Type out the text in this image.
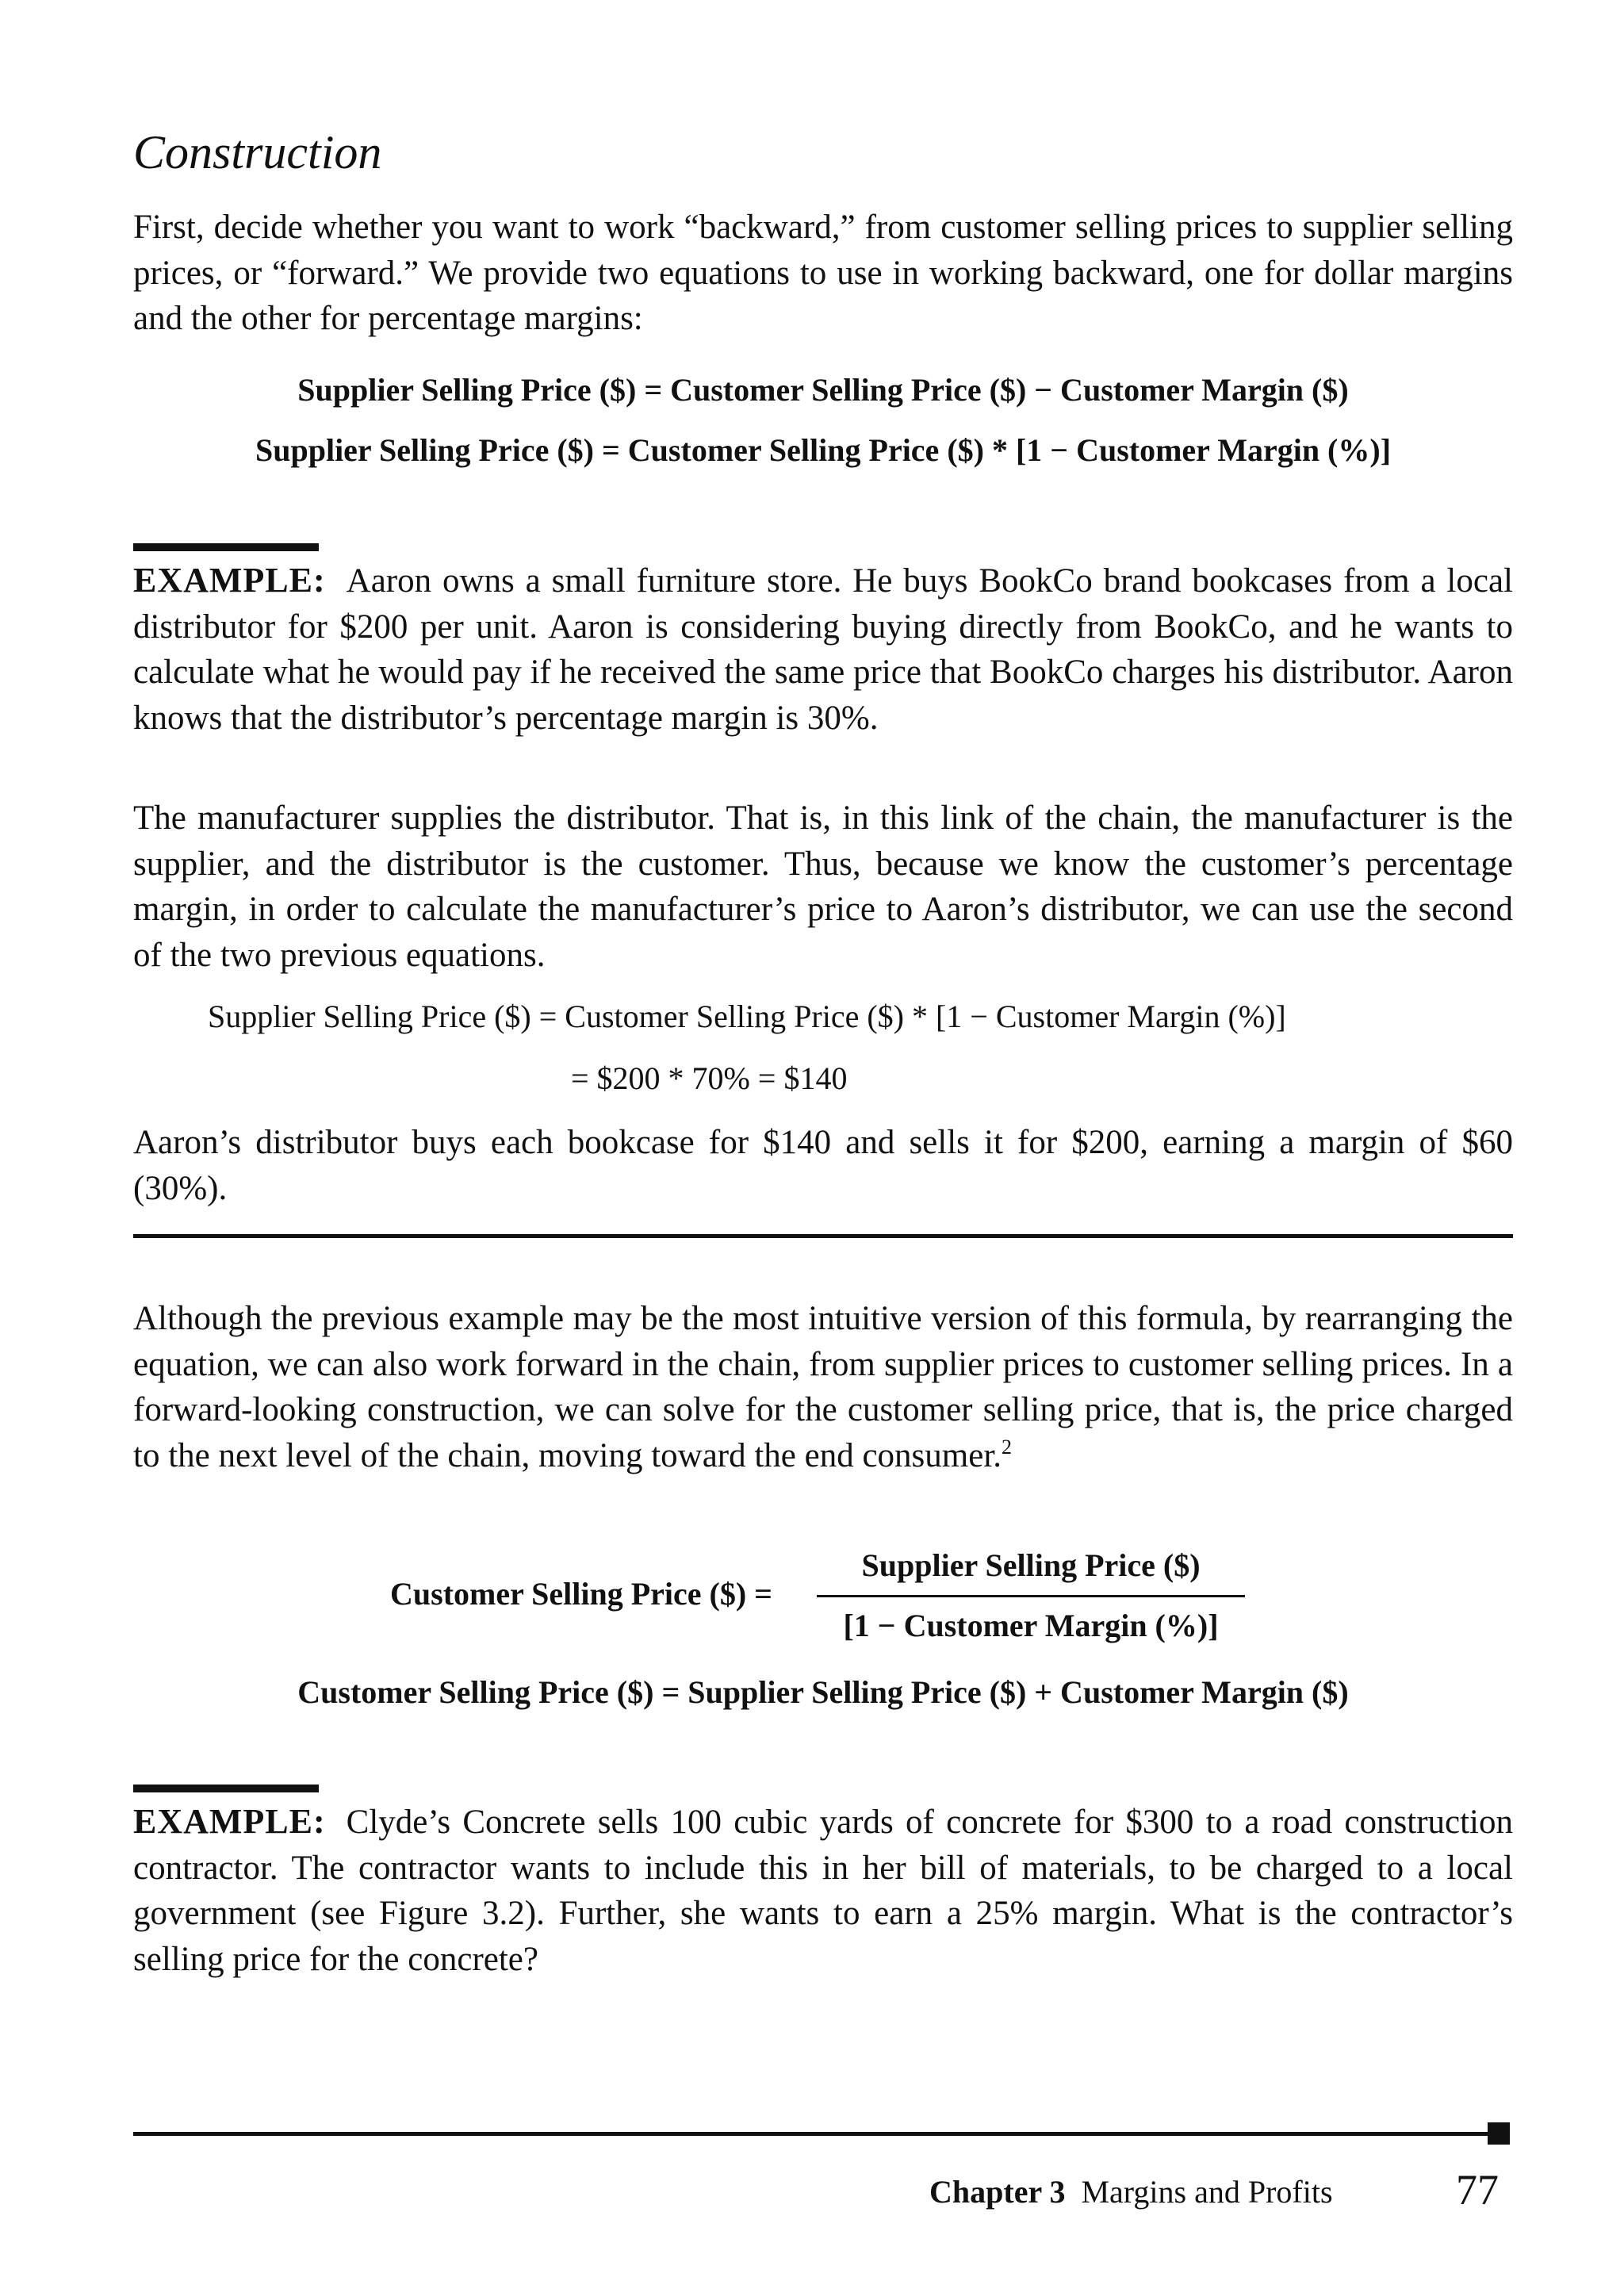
Construction
First, decide whether you want to work “backward,” from customer selling prices to supplier selling prices, or “forward.” We provide two equations to use in working backward, one for dollar margins and the other for percentage margins:
Supplier Selling Price ($) = Customer Selling Price ($) − Customer Margin ($)
Supplier Selling Price ($) = Customer Selling Price ($) * [1 − Customer Margin (%)]
EXAMPLE: Aaron owns a small furniture store. He buys BookCo brand bookcases from a local distributor for $200 per unit. Aaron is considering buying directly from BookCo, and he wants to calculate what he would pay if he received the same price that BookCo charges his distributor. Aaron knows that the distributor’s percentage margin is 30%.
The manufacturer supplies the distributor. That is, in this link of the chain, the manufacturer is the supplier, and the distributor is the customer. Thus, because we know the customer’s percentage margin, in order to calculate the manufacturer’s price to Aaron’s distributor, we can use the second of the two previous equations.
Supplier Selling Price ($) = Customer Selling Price ($) * [1 − Customer Margin (%)]
= $200 * 70% = $140
Aaron’s distributor buys each bookcase for $140 and sells it for $200, earning a margin of $60 (30%).
Although the previous example may be the most intuitive version of this formula, by rearranging the equation, we can also work forward in the chain, from supplier prices to customer selling prices. In a forward-looking construction, we can solve for the customer selling price, that is, the price charged to the next level of the chain, moving toward the end consumer.$^2$
Customer Selling Price ($) =
Supplier Selling Price ($)
[1 − Customer Margin (%)]
Customer Selling Price ($) = Supplier Selling Price ($) + Customer Margin ($)
EXAMPLE: Clyde’s Concrete sells 100 cubic yards of concrete for $300 to a road construction contractor. The contractor wants to include this in her bill of materials, to be charged to a local government (see Figure 3.2). Further, she wants to earn a 25% margin. What is the contractor’s selling price for the concrete?
Chapter 3 Margins and Profits	77
